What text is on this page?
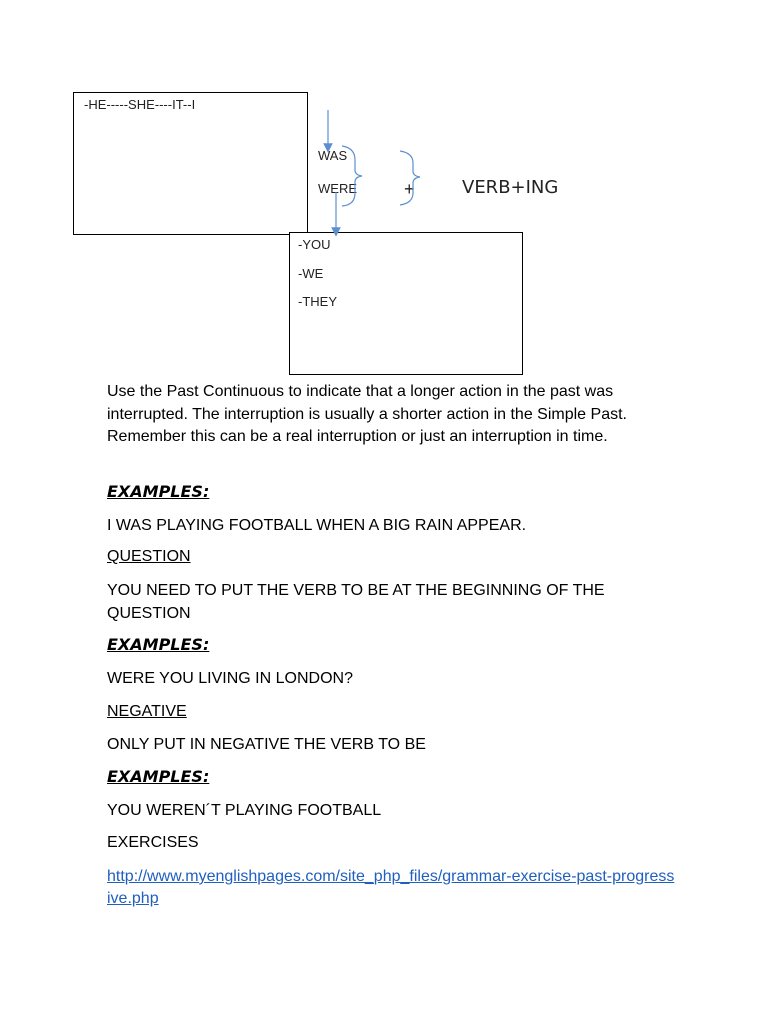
-HE-----SHE----IT--I
-YOU
-WE
-THEY
WAS
WERE	+	VERB+ING

Use the Past Continuous to indicate that a longer action in the past was interrupted. The interruption is usually a shorter action in the Simple Past. Remember this can be a real interruption or just an interruption in time.

EXAMPLES:
I WAS PLAYING FOOTBALL WHEN A BIG RAIN APPEAR.
QUESTION

YOU NEED TO PUT THE VERB TO BE AT THE BEGINNING OF THE QUESTION

EXAMPLES:
WERE YOU LIVING IN LONDON?
NEGATIVE
ONLY PUT IN NEGATIVE THE VERB TO BE
EXAMPLES:
YOU WEREN´T PLAYING FOOTBALL
EXERCISES
http://www.myenglishpages.com/site_php_files/grammar-exercise-past-progressive.php
